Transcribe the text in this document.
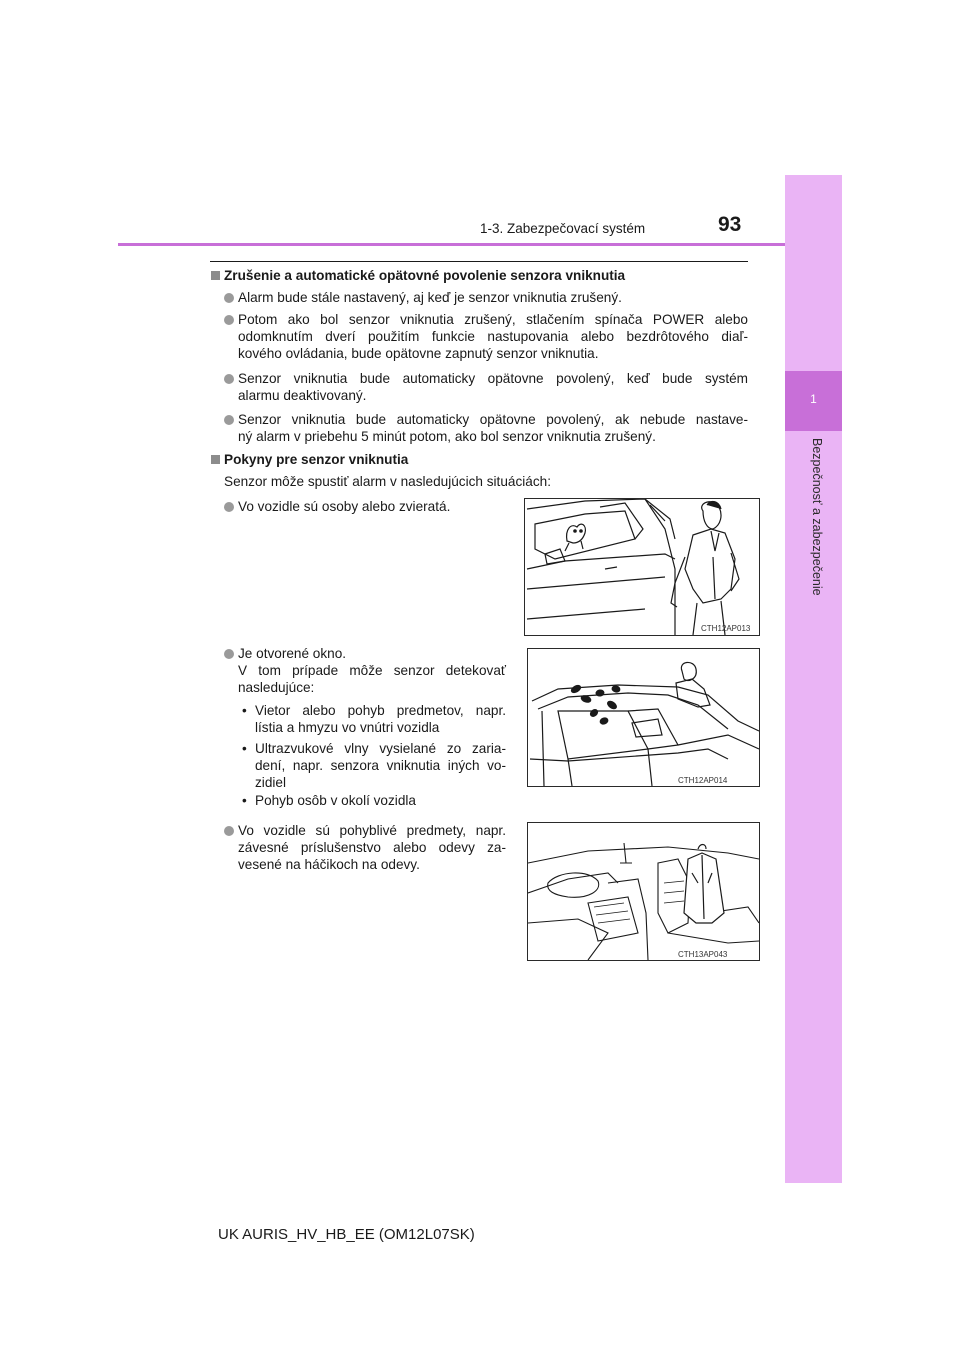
1
Bezpečnosť a zabezpečenie
1-3. Zabezpečovací systém	93
Zrušenie a automatické opätovné povolenie senzora vniknutia
Alarm bude stále nastavený, aj keď je senzor vniknutia zrušený.
Potom ako bol senzor vniknutia zrušený, stlačením spínača POWER alebo
odomknutím dverí použitím funkcie nastupovania alebo bezdrôtového diaľ-
kového ovládania, bude opätovne zapnutý senzor vniknutia.
Senzor vniknutia bude automaticky opätovne povolený, keď bude systém
alarmu deaktivovaný.
Senzor vniknutia bude automaticky opätovne povolený, ak nebude nastave-
ný alarm v priebehu 5 minút potom, ako bol senzor vniknutia zrušený.
Pokyny pre senzor vniknutia
Senzor môže spustiť alarm v nasledujúcich situáciách:
Vo vozidle sú osoby alebo zvieratá.
CTH12AP013
Je otvorené okno.
V tom prípade môže senzor detekovať
nasledujúce:
• Vietor alebo pohyb predmetov, napr.
lístia a hmyzu vo vnútri vozidla
• Ultrazvukové vlny vysielané zo zaria-
dení, napr. senzora vniknutia iných vo-
zidiel
• Pohyb osôb v okolí vozidla
CTH12AP014
Vo vozidle sú pohyblivé predmety, napr.
závesné príslušenstvo alebo odevy za-
vesené na háčikoch na odevy.
CTH13AP043
UK AURIS_HV_HB_EE (OM12L07SK)
